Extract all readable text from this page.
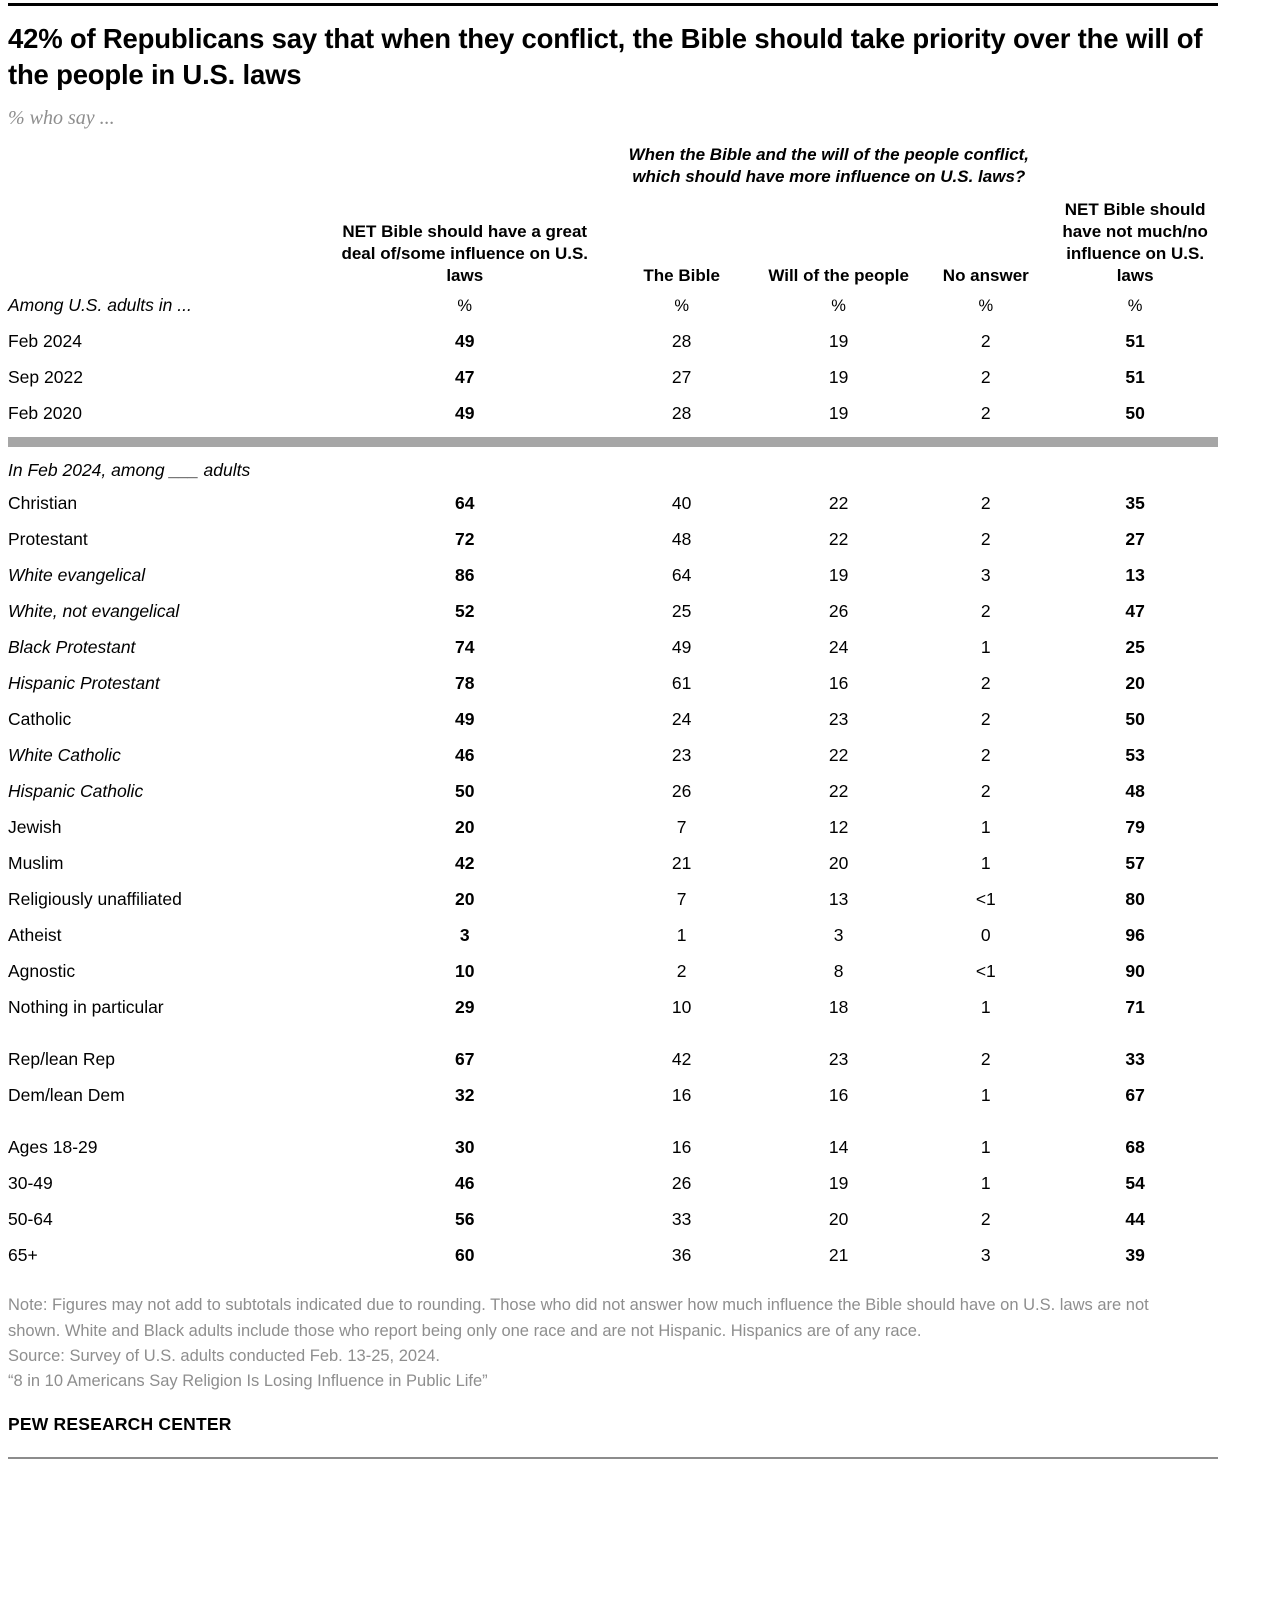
42% of Republicans say that when they conflict, the Bible should take priority over the will of the people in U.S. laws
% who say ...
		When the Bible and the will of the people conflict, which should have more influence on U.S. laws?			
	NET Bible should have a great deal of/some influence on U.S. laws	The Bible	Will of the people	No answer	NET Bible should have not much/no influence on U.S. laws
Among U.S. adults in ...	%	%	%	%	%
Feb 2024	49	28	19	2	51
Sep 2022	47	27	19	2	51
Feb 2020	49	28	19	2	50

In Feb 2024, among ___ adults					
Christian	64	40	22	2	35
Protestant	72	48	22	2	27
White evangelical	86	64	19	3	13
White, not evangelical	52	25	26	2	47
Black Protestant	74	49	24	1	25
Hispanic Protestant	78	61	16	2	20
Catholic	49	24	23	2	50
White Catholic	46	23	22	2	53
Hispanic Catholic	50	26	22	2	48
Jewish	20	7	12	1	79
Muslim	42	21	20	1	57
Religiously unaffiliated	20	7	13	<1	80
Atheist	3	1	3	0	96
Agnostic	10	2	8	<1	90
Nothing in particular	29	10	18	1	71

Rep/lean Rep	67	42	23	2	33
Dem/lean Dem	32	16	16	1	67

Ages 18-29	30	16	14	1	68
30-49	46	26	19	1	54
50-64	56	33	20	2	44
65+	60	36	21	3	39
Note: Figures may not add to subtotals indicated due to rounding. Those who did not answer how much influence the Bible should have on U.S. laws are not shown. White and Black adults include those who report being only one race and are not Hispanic. Hispanics are of any race.
Source: Survey of U.S. adults conducted Feb. 13-25, 2024.
“8 in 10 Americans Say Religion Is Losing Influence in Public Life”
PEW RESEARCH CENTER
